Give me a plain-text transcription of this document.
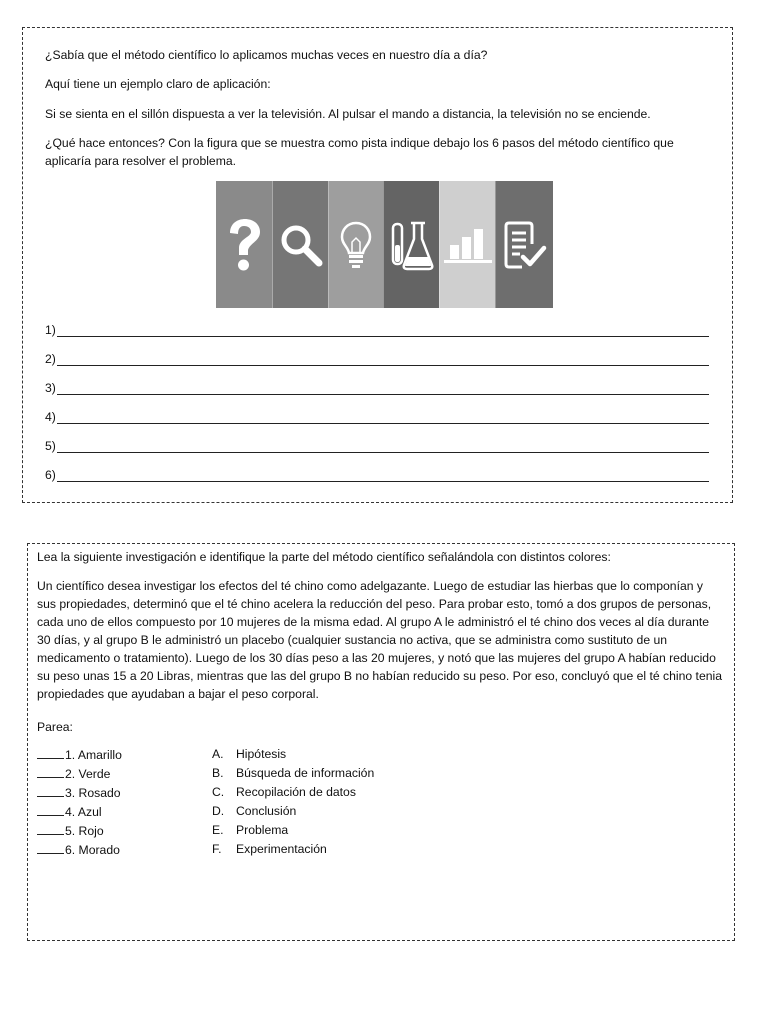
¿Sabía que el método científico lo aplicamos muchas veces en nuestro día a día?

Aquí tiene un ejemplo claro de aplicación:

Si se sienta en el sillón dispuesta a ver la televisión. Al pulsar el mando a distancia, la televisión no se enciende.

¿Qué hace entonces? Con la figura que se muestra como pista indique debajo los 6 pasos del método científico que aplicaría para resolver el problema.

1)
2)
3)
4)
5)
6)

Lea la siguiente investigación e identifique la parte del método científico señalándola con distintos colores:

Un científico desea investigar los efectos del té chino como adelgazante. Luego de estudiar las hierbas que lo componían y sus propiedades, determinó que el té chino acelera la reducción del peso. Para probar esto, tomó a dos grupos de personas, cada uno de ellos compuesto por 10 mujeres de la misma edad. Al grupo A le administró el té chino dos veces al día durante 30 días, y al grupo B le administró un placebo (cualquier sustancia no activa, que se administra como sustituto de un medicamento o tratamiento). Luego de los 30 días peso a las 20 mujeres, y notó que las mujeres del grupo A habían reducido su peso unas 15 a 20 Libras, mientras que las del grupo B no habían reducido su peso. Por eso, concluyó que el té chino tenia propiedades que ayudaban a bajar el peso corporal.

Parea:

1. Amarillo
2. Verde
3. Rosado
4. Azul
5. Rojo
6. Morado
A. Hipótesis
B. Búsqueda de información
C. Recopilación de datos
D. Conclusión
E. Problema
F. Experimentación
